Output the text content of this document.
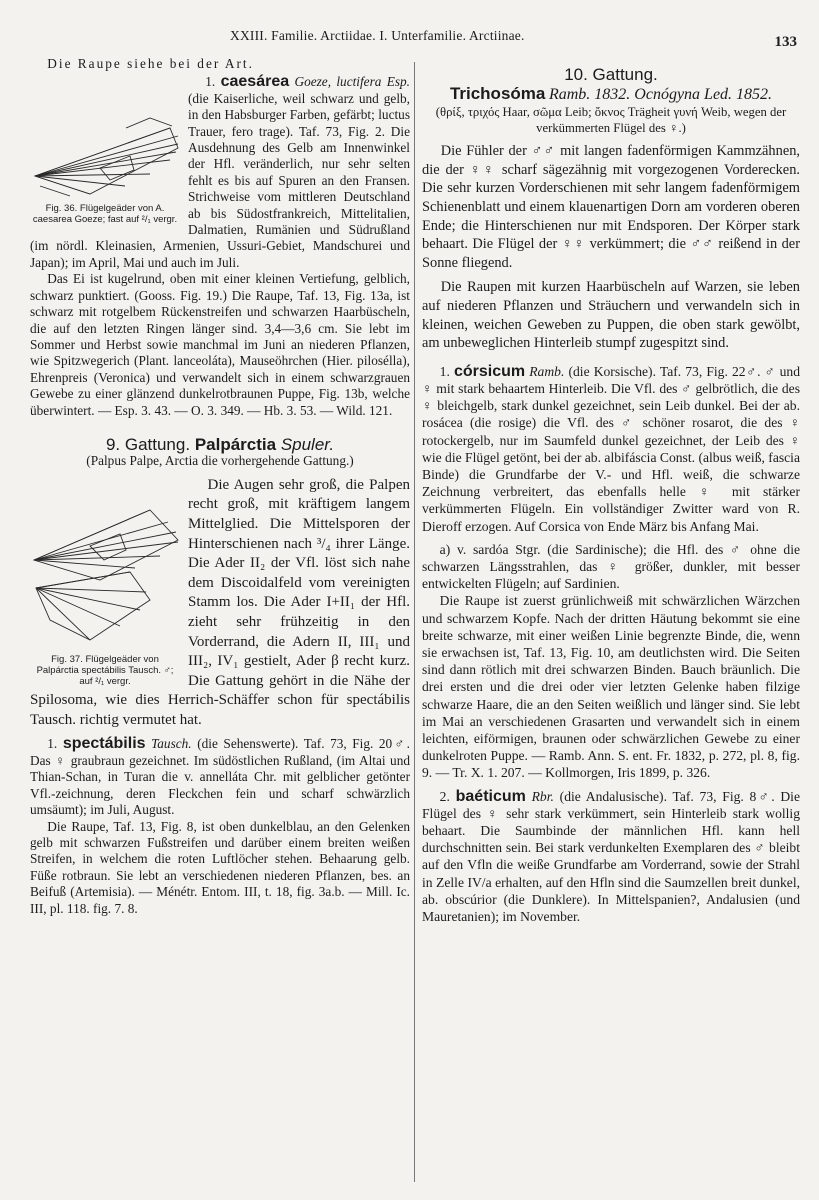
XXIII. Familie. Arctiidae. I. Unterfamilie. Arctiinae.	133

Die Raupe siehe bei der Art.

Fig. 36. Flügelgeäder von A. caesarea Goeze; fast auf ²/₁ vergr.

1. caesárea Goeze, luctifera Esp. (die Kaiserliche, weil schwarz und gelb, in den Habsburger Farben, gefärbt; luctus Trauer, fero trage). Taf. 73, Fig. 2. Die Ausdehnung des Gelb am Innenwinkel der Hfl. veränderlich, nur sehr selten fehlt es bis auf Spuren an den Fransen. Strichweise vom mittleren Deutschland ab bis Südostfrankreich, Mittelitalien, Dalmatien, Rumänien und Südrußland (im nördl. Kleinasien, Armenien, Ussuri-Gebiet, Mandschurei und Japan); im April, Mai und auch im Juli.

Das Ei ist kugelrund, oben mit einer kleinen Vertiefung, gelblich, schwarz punktiert. (Gooss. Fig. 19.) Die Raupe, Taf. 13, Fig. 13a, ist schwarz mit rotgelbem Rückenstreifen und schwarzen Haarbüscheln, die auf den letzten Ringen länger sind. 3,4—3,6 cm. Sie lebt im Sommer und Herbst sowie manchmal im Juni an niederen Pflanzen, wie Spitzwegerich (Plant. lanceoláta), Mauseöhrchen (Hier. pilosélla), Ehrenpreis (Veronica) und verwandelt sich in einem schwarzgrauen Gewebe zu einer glänzend dunkelrotbraunen Puppe, Fig. 13b, welche überwintert. — Esp. 3. 43. — O. 3. 349. — Hb. 3. 53. — Wild. 121.

9. Gattung. Palpárctia Spuler.

(Palpus Palpe, Arctia die vorhergehende Gattung.)

Fig. 37. Flügelgeäder von Palpárctia spectábilis Tausch. ♂; auf ²/₁ vergr.

Die Augen sehr groß, die Palpen recht groß, mit kräftigem langem Mittelglied. Die Mittelsporen der Hinterschienen nach ³/₄ ihrer Länge. Die Ader II₂ der Vfl. löst sich nahe dem Discoidalfeld vom vereinigten Stamm los. Die Ader I+II₁ der Hfl. zieht sehr frühzeitig in den Vorderrand, die Adern II, III₁ und III₂, IV₁ gestielt, Ader β recht kurz. Die Gattung gehört in die Nähe der Spilosoma, wie dies Herrich-Schäffer schon für spectábilis Tausch. richtig vermutet hat.

1. spectábilis Tausch. (die Sehenswerte). Taf. 73, Fig. 20♂. Das ♀ graubraun gezeichnet. Im südöstlichen Rußland, (im Altai und Thian-Schan, in Turan die v. annelláta Chr. mit gelblicher getönter Vfl.-zeichnung, deren Fleckchen fein und scharf schwärzlich umsäumt); im Juli, August.

Die Raupe, Taf. 13, Fig. 8, ist oben dunkelblau, an den Gelenken gelb mit schwarzen Fußstreifen und darüber einem breiten weißen Streifen, in welchem die roten Luftlöcher stehen. Behaarung gelb. Füße rotbraun. Sie lebt an verschiedenen niederen Pflanzen, bes. an Beifuß (Artemisia). — Ménétr. Entom. III, t. 18, fig. 3a.b. — Mill. Ic. III, pl. 118. fig. 7. 8.

10. Gattung.
Trichosóma Ramb. 1832. Ocnógyna Led. 1852.

(θρίξ, τριχός Haar, σῶμα Leib; ὄκνος Trägheit γυνή Weib, wegen der verkümmerten Flügel des ♀.)

Die Fühler der ♂♂ mit langen fadenförmigen Kammzähnen, die der ♀♀ scharf sägezähnig mit vorgezogenen Vorderecken. Die sehr kurzen Vorderschienen mit sehr langem fadenförmigem Schienenblatt und einem klauenartigen Dorn am vorderen oberen Ende; die Hinterschienen nur mit Endsporen. Der Körper stark behaart. Die Flügel der ♀♀ verkümmert; die ♂♂ reißend in der Sonne fliegend.

Die Raupen mit kurzen Haarbüscheln auf Warzen, sie leben auf niederen Pflanzen und Sträuchern und verwandeln sich in kleinen, weichen Geweben zu Puppen, die oben stark gewölbt, am unbeweglichen Hinterleib stumpf zugespitzt sind.

1. córsicum Ramb. (die Korsische). Taf. 73, Fig. 22♂. ♂ und ♀ mit stark behaartem Hinterleib. Die Vfl. des ♂ gelbrötlich, die des ♀ bleichgelb, stark dunkel gezeichnet, sein Leib dunkel. Bei der ab. rosácea (die rosige) die Vfl. des ♂ schöner rosarot, die des ♀ rotockergelb, nur im Saumfeld dunkel gezeichnet, der Leib des ♀ wie die Flügel getönt, bei der ab. albifáscia Const. (albus weiß, fascia Binde) die Grundfarbe der V.- und Hfl. weiß, die schwarze Zeichnung verbreitert, das ebenfalls helle ♀ mit stärker verkümmerten Flügeln. Ein vollständiger Zwitter ward von R. Dieroff erzogen. Auf Corsica von Ende März bis Anfang Mai.

a) v. sardóa Stgr. (die Sardinische); die Hfl. des ♂ ohne die schwarzen Längsstrahlen, das ♀ größer, dunkler, mit besser entwickelten Flügeln; auf Sardinien.

Die Raupe ist zuerst grünlichweiß mit schwärzlichen Wärzchen und schwarzem Kopfe. Nach der dritten Häutung bekommt sie eine breite schwarze, mit einer weißen Linie begrenzte Binde, die, wenn sie erwachsen ist, Taf. 13, Fig. 10, am deutlichsten wird. Die Seiten sind dann rötlich mit drei schwarzen Binden. Bauch bräunlich. Die drei ersten und die drei oder vier letzten Gelenke haben filzige schwarze Haare, die an den Seiten weißlich und länger sind. Sie lebt im Mai an verschiedenen Grasarten und verwandelt sich in einem leichten, eiförmigen, braunen oder schwärzlichen Gewebe zu einer dunkelroten Puppe. — Ramb. Ann. S. ent. Fr. 1832, p. 272, pl. 8, fig. 9. — Tr. X. 1. 207. — Kollmorgen, Iris 1899, p. 326.

2. baéticum Rbr. (die Andalusische). Taf. 73, Fig. 8♂. Die Flügel des ♀ sehr stark verkümmert, sein Hinterleib stark wollig behaart. Die Saumbinde der männlichen Hfl. kann hell durchschnitten sein. Bei stark verdunkelten Exemplaren des ♂ bleibt auf den Vfln die weiße Grundfarbe am Vorderrand, sowie der Strahl in Zelle IV/a erhalten, auf den Hfln sind die Saumzellen breit dunkel, ab. obscúrior (die Dunklere). In Mittelspanien?, Andalusien (und Mauretanien); im November.
